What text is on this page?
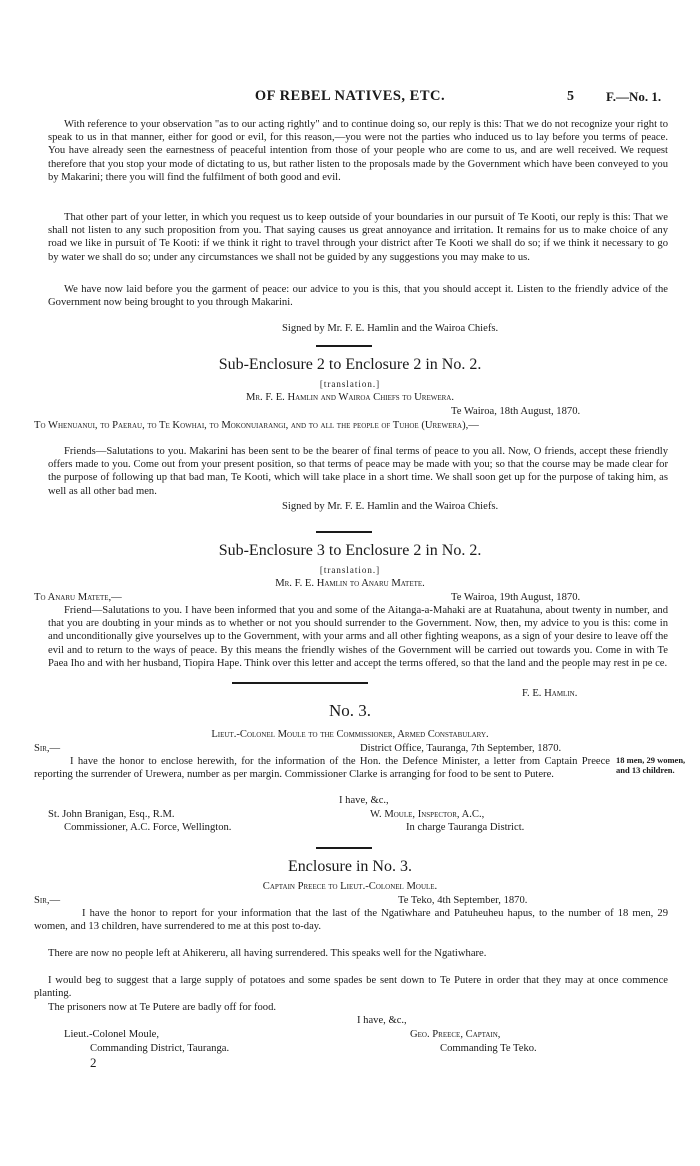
OF REBEL NATIVES, ETC.	5 F.—No. 1.
With reference to your observation "as to our acting rightly" and to continue doing so, our reply is this: That we do not recognize your right to speak to us in that manner, either for good or evil, for this reason,—you were not the parties who induced us to lay before you terms of peace. You have already seen the earnestness of peaceful intention from those of your people who are come to us, and are well received. We request therefore that you stop your mode of dictating to us, but rather listen to the proposals made by the Government which have been conveyed to you by Makarini; there you will find the fulfilment of both good and evil.
That other part of your letter, in which you request us to keep outside of your boundaries in our pursuit of Te Kooti, our reply is this: That we shall not listen to any such proposition from you. That saying causes us great annoyance and irritation. It remains for us to make choice of any road we like in pursuit of Te Kooti: if we think it right to travel through your district after Te Kooti we shall do so; if we think it necessary to go by water we shall do so; under any circumstances we shall not be guided by any suggestions you may make to us.
We have now laid before you the garment of peace: our advice to you is this, that you should accept it. Listen to the friendly advice of the Government now being brought to you through Makarini.
Signed by Mr. F. E. Hamlin and the Wairoa Chiefs.
Sub-Enclosure 2 to Enclosure 2 in No. 2.
[translation.]
Mr. F. E. Hamlin and Wairoa Chiefs to Urewera.
Te Wairoa, 18th August, 1870.
To Whenuanui, to Paerau, to Te Kowhai, to Mokonuiarangi, and to all the people of Tuhoe (Urewera),—
Friends—Salutations to you. Makarini has been sent to be the bearer of final terms of peace to you all. Now, O friends, accept these friendly offers made to you. Come out from your present position, so that terms of peace may be made with you; so that the course may be made clear for the purpose of following up that bad man, Te Kooti, which will take place in a short time. We shall soon get up for the purpose of taking him, as well as all other bad men.
Signed by Mr. F. E. Hamlin and the Wairoa Chiefs.
Sub-Enclosure 3 to Enclosure 2 in No. 2.
[translation.]
Mr. F. E. Hamlin to Anaru Matete.
To Anaru Matete,—	Te Wairoa, 19th August, 1870.
Friend—Salutations to you. I have been informed that you and some of the Aitanga-a-Mahaki are at Ruatahuna, about twenty in number, and that you are doubting in your minds as to whether or not you should surrender to the Government. Now, then, my advice to you is this: come in and unconditionally give yourselves up to the Government, with your arms and all other fighting weapons, as a sign of your desire to leave off the evil and to return to the ways of peace. By this means the friendly wishes of the Government will be carried out towards you. Come in with Te Paea Iho and with her husband, Tiopira Hape. Think over this letter and accept the terms offered, so that the land and the people may rest in pe ce.
F. E. Hamlin.
No. 3.
Lieut.-Colonel Moule to the Commissioner, Armed Constabulary.
Sir,—	District Office, Tauranga, 7th September, 1870.
I have the honor to enclose herewith, for the information of the Hon. the Defence Minister, a letter from Captain Preece reporting the surrender of Urewera, number as per margin. Commissioner Clarke is arranging for food to be sent to Putere.
18 men, 29 women, and 13 children.
I have, &c.,
St. John Branigan, Esq., R.M.
Commissioner, A.C. Force, Wellington.
W. Moule, Inspector, A.C.,
In charge Tauranga District.
Enclosure in No. 3.
Captain Preece to Lieut.-Colonel Moule.
Sir,—	Te Teko, 4th September, 1870.
I have the honor to report for your information that the last of the Ngatiwhare and Patuheuheu hapus, to the number of 18 men, 29 women, and 13 children, have surrendered to me at this post to-day.
There are now no people left at Ahikereru, all having surrendered. This speaks well for the Ngatiwhare.
I would beg to suggest that a large supply of potatoes and some spades be sent down to Te Putere in order that they may at once commence planting.
The prisoners now at Te Putere are badly off for food.
I have, &c.,
Lieut.-Colonel Moule,
Commanding District, Tauranga.
Geo. Preece, Captain,
Commanding Te Teko.
2
